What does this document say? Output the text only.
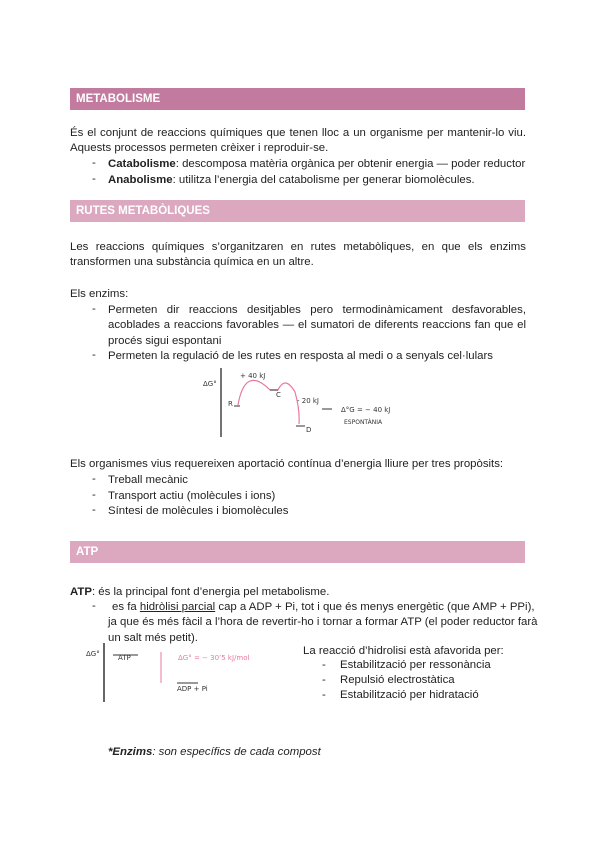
METABOLISME
És el conjunt de reaccions químiques que tenen lloc a un organisme per mantenir-lo viu.
Aquests processos permeten crèixer i reproduir-se.
- Catabolisme: descomposa matèria orgànica per obtenir energia — poder reductor
- Anabolisme: utilitza l’energia del catabolisme per generar biomolècules.
RUTES METABÒLIQUES
Les reaccions químiques s’organitzaren en rutes metabòliques, en que els enzims
transformen una substància química en un altre.
Els enzims:
- Permeten dir reaccions desitjables pero termodinàmicament desfavorables,
acoblades a reaccions favorables — el sumatori de diferents reaccions fan que el
procés sigui espontani
- Permeten la regulació de les rutes en resposta al medi o a senyals cel·lulars
ΔG°
+ 40 kJ
R
C
- 20 kJ
D
Δ°G = − 40 kJ
ESPONTÀNIA
Els organismes vius requereixen aportació contínua d’energia lliure per tres propòsits:
- Treball mecànic
- Transport actiu (molècules i ions)
- Síntesi de molècules i biomolècules
ATP
ATP: és la principal font d’energia pel metabolisme.
- es fa hidròlisi parcial cap a ADP + Pi, tot i que és menys energètic (que AMP + PPi),
ja que és més fàcil a l’hora de revertir-ho i tornar a formar ATP (el poder reductor farà
un salt més petit).
ΔG°	ATP
ADP + Pi
ΔG° = − 30’5 kJ/mol
La reacció d’hidrolisi està afavorida per:
- Estabilització per ressonància
- Repulsió electrostàtica
- Estabilització per hidratació
*Enzims: son específics de cada compost
